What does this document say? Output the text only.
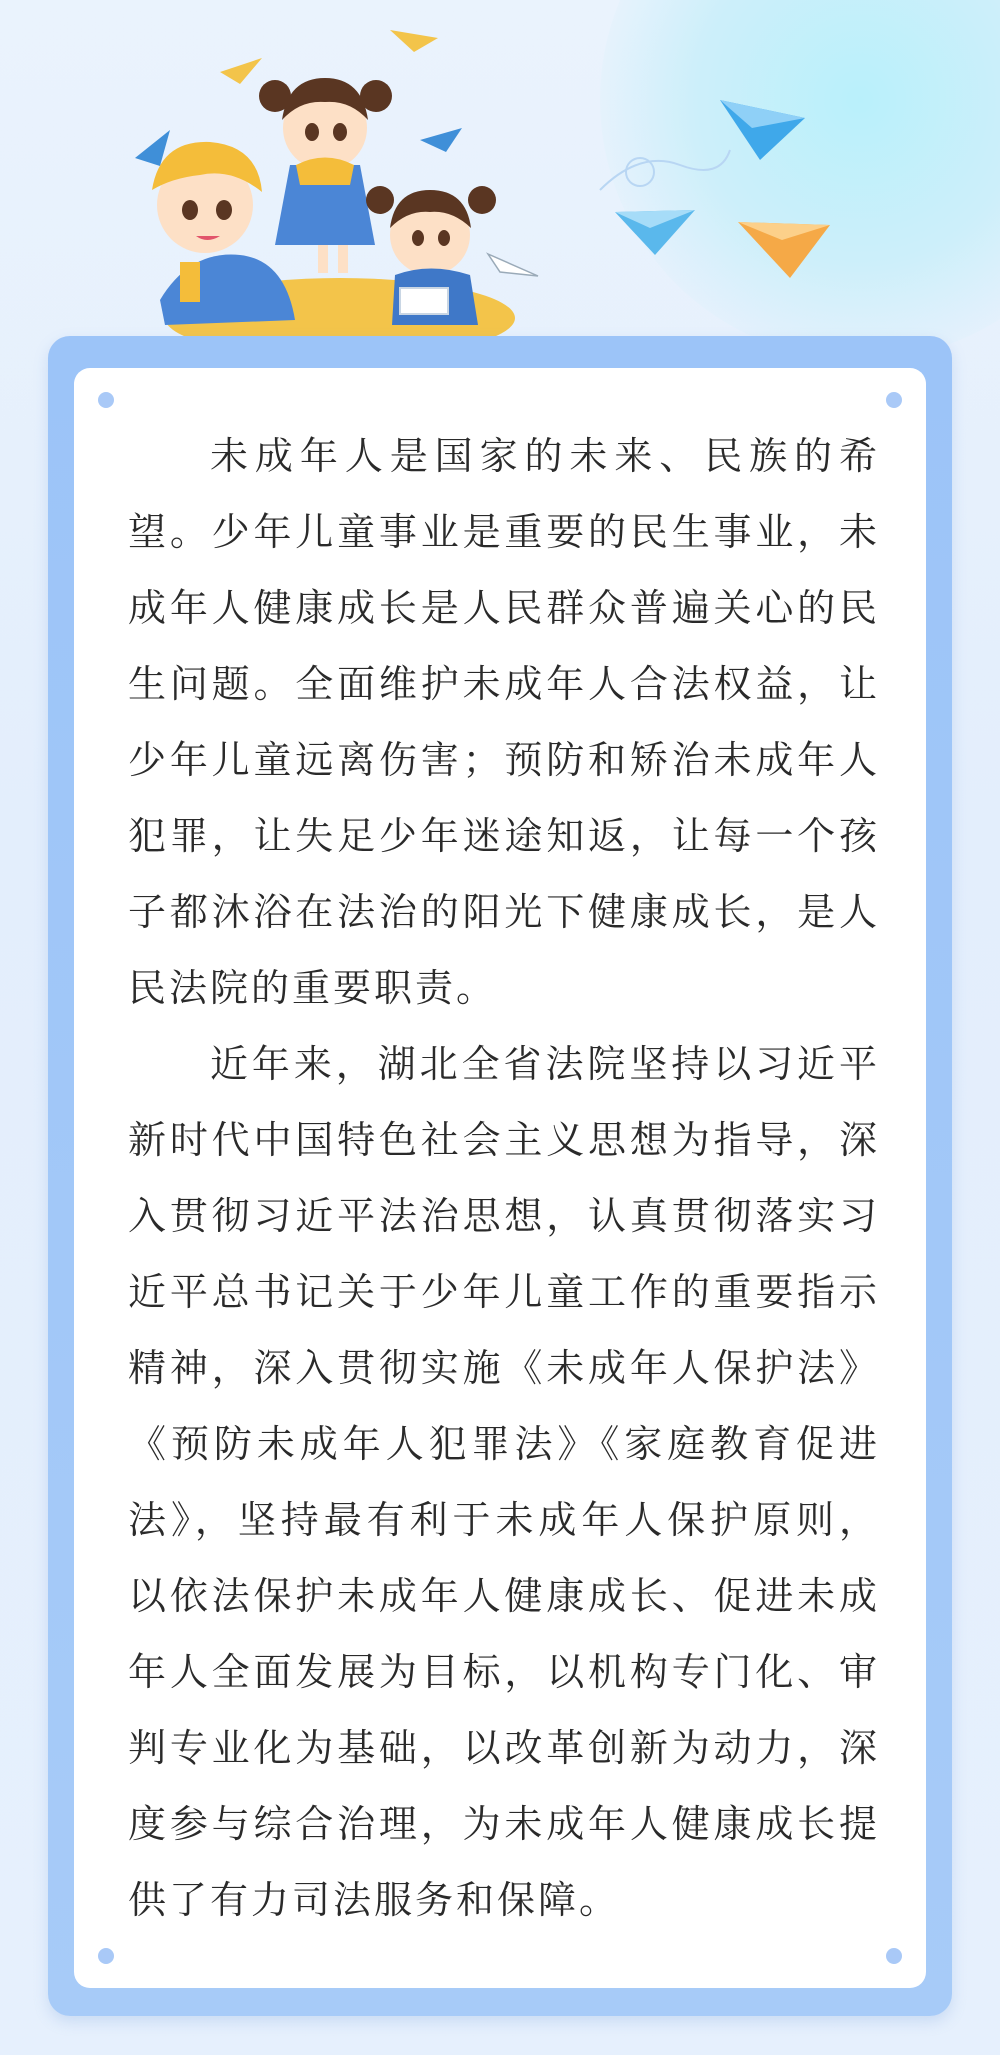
未成年人是国家的未来、民族的希望。少年儿童事业是重要的民生事业，未成年人健康成长是人民群众普遍关心的民生问题。全面维护未成年人合法权益，让少年儿童远离伤害；预防和矫治未成年人犯罪，让失足少年迷途知返，让每一个孩子都沐浴在法治的阳光下健康成长，是人民法院的重要职责。

近年来，湖北全省法院坚持以习近平新时代中国特色社会主义思想为指导，深入贯彻习近平法治思想，认真贯彻落实习近平总书记关于少年儿童工作的重要指示精神，深入贯彻实施《未成年人保护法》《预防未成年人犯罪法》《家庭教育促进法》，坚持最有利于未成年人保护原则，以依法保护未成年人健康成长、促进未成年人全面发展为目标，以机构专门化、审判专业化为基础，以改革创新为动力，深度参与综合治理，为未成年人健康成长提供了有力司法服务和保障。
